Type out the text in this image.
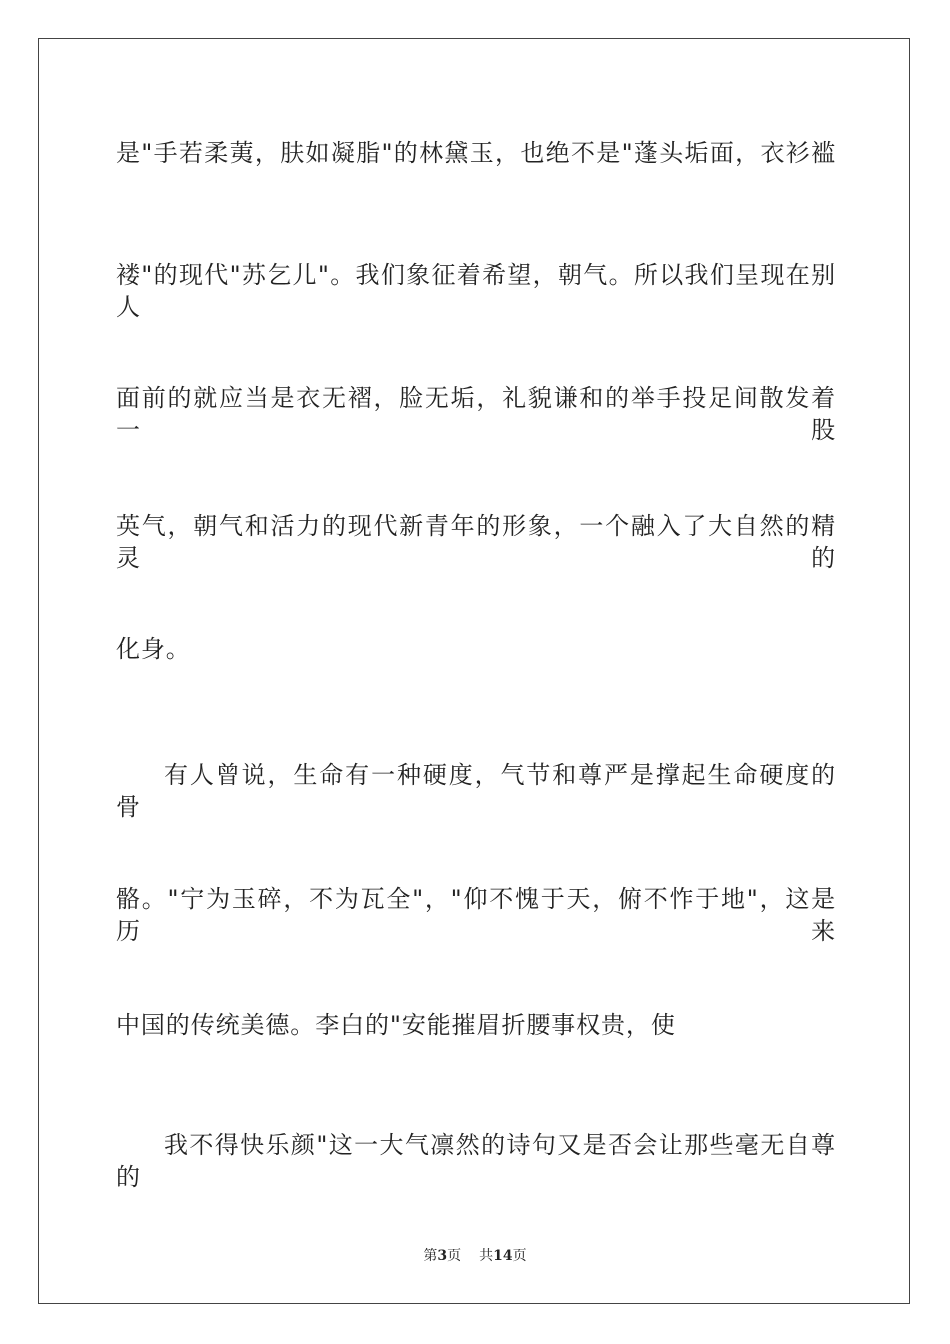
是"手若柔荑，肤如凝脂"的林黛玉，也绝不是"蓬头垢面，衣衫褴
褛"的现代"苏乞儿"。我们象征着希望，朝气。所以我们呈现在别人
面前的就应当是衣无褶，脸无垢，礼貌谦和的举手投足间散发着一股
英气，朝气和活力的现代新青年的形象，一个融入了大自然的精灵的
化身。
有人曾说，生命有一种硬度，气节和尊严是撑起生命硬度的骨
骼。"宁为玉碎，不为瓦全"，"仰不愧于天，俯不怍于地"，这是历来
中国的传统美德。李白的"安能摧眉折腰事权贵，使
我不得快乐颜"这一大气凛然的诗句又是否会让那些毫无自尊的
第3页 共14页
